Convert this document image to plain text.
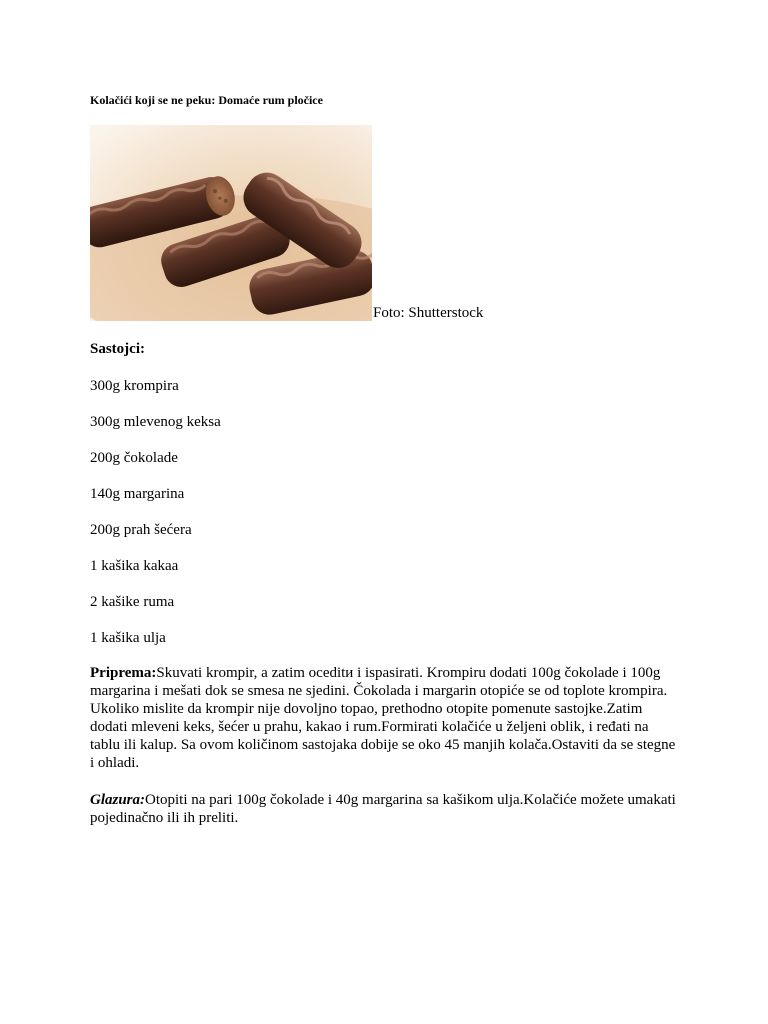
Kolačići koji se ne peku: Domaće rum pločice
Foto: Shutterstock
Sastojci:
300g krompira
300g mlevenog keksa
200g čokolade
140g margarina
200g prah šećera
1 kašika kakaa
2 kašike ruma
1 kašika ulja

Priprema:Skuvati krompir, a zatim oceditи i ispasirati. Krompiru dodati 100g čokolade i 100g margarina i mešati dok se smesa ne sjedini. Čokolada i margarin otopiće se od toplote krompira. Ukoliko mislite da krompir nije dovoljno topao, prethodno otopite pomenute sastojke.Zatim dodati mleveni keks, šećer u prahu, kakao i rum.Formirati kolačiće u željeni oblik, i ređati na tablu ili kalup. Sa ovom količinom sastojaka dobije se oko 45 manjih kolača.Ostaviti da se stegne i ohladi.

Glazura:Otopiti na pari 100g čokolade i 40g margarina sa kašikom ulja.Kolačiće možete umakati pojedinačno ili ih preliti.
